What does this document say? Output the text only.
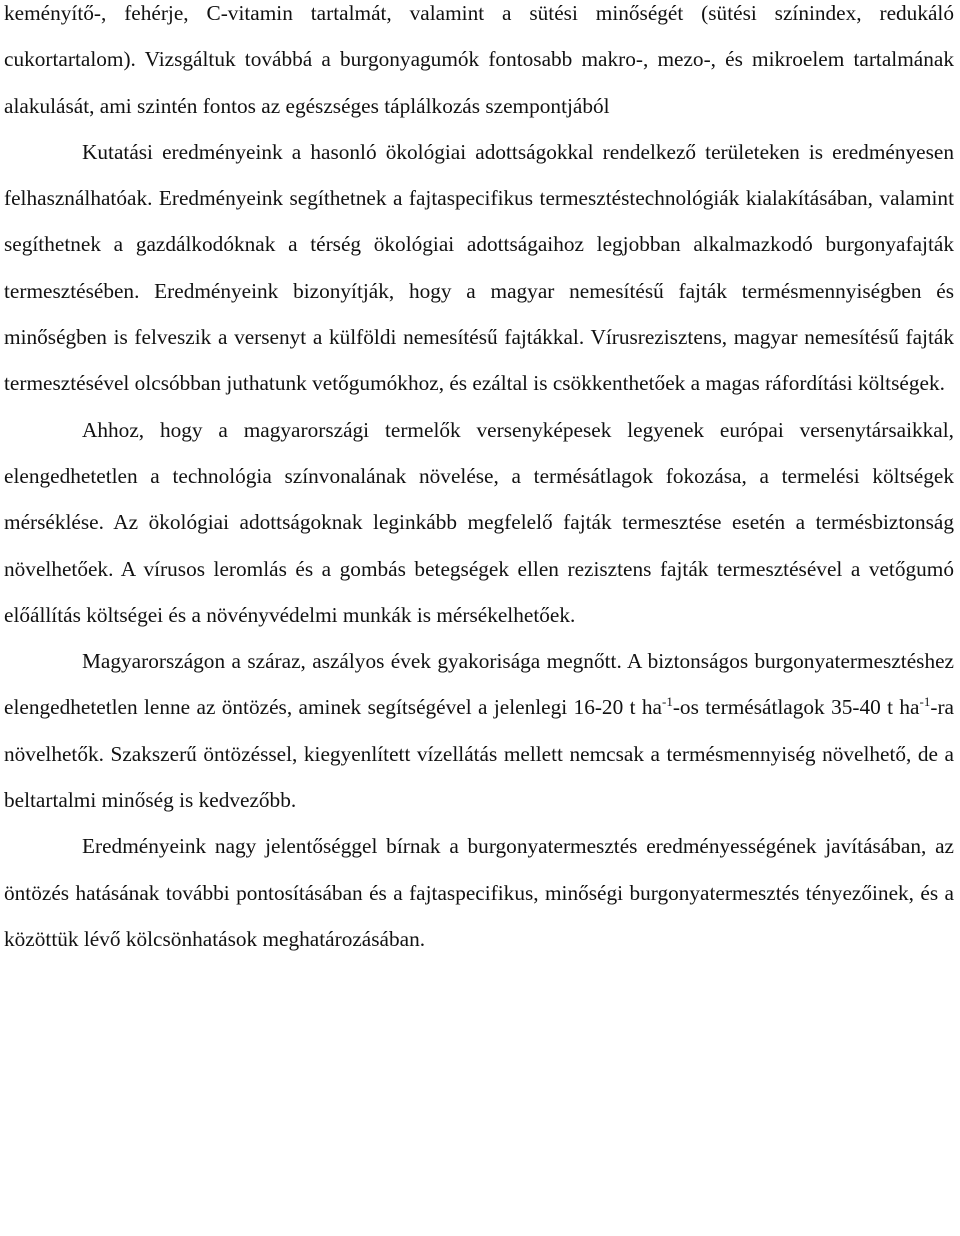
keményítő-, fehérje, C-vitamin tartalmát, valamint a sütési minőségét (sütési színindex, redukáló cukortartalom). Vizsgáltuk továbbá a burgonyagumók fontosabb makro-, mezo-, és mikroelem tartalmának alakulását, ami szintén fontos az egészséges táplálkozás szempontjából

Kutatási eredményeink a hasonló ökológiai adottságokkal rendelkező területeken is eredményesen felhasználhatóak. Eredményeink segíthetnek a fajtaspecifikus termesztéstechnológiák kialakításában, valamint segíthetnek a gazdálkodóknak a térség ökológiai adottságaihoz legjobban alkalmazkodó burgonyafajták termesztésében. Eredményeink bizonyítják, hogy a magyar nemesítésű fajták termésmennyiségben és minőségben is felveszik a versenyt a külföldi nemesítésű fajtákkal. Vírusrezisztens, magyar nemesítésű fajták termesztésével olcsóbban juthatunk vetőgumókhoz, és ezáltal is csökkenthetőek a magas ráfordítási költségek.

Ahhoz, hogy a magyarországi termelők versenyképesek legyenek európai versenytársaikkal, elengedhetetlen a technológia színvonalának növelése, a termésátlagok fokozása, a termelési költségek mérséklése. Az ökológiai adottságoknak leginkább megfelelő fajták termesztése esetén a termésbiztonság növelhetőek. A vírusos leromlás és a gombás betegségek ellen rezisztens fajták termesztésével a vetőgumó előállítás költségei és a növényvédelmi munkák is mérsékelhetőek.

Magyarországon a száraz, aszályos évek gyakorisága megnőtt. A biztonságos burgonyatermesztéshez elengedhetetlen lenne az öntözés, aminek segítségével a jelenlegi 16-20 t $ha^{-1}-os$ termésátlagok 35-40 t $ha^{-1}-ra$ növelhetők. Szakszerű öntözéssel, kiegyenlített vízellátás mellett nemcsak a termésmennyiség növelhető, de a beltartalmi minőség is kedvezőbb.

Eredményeink nagy jelentőséggel bírnak a burgonyatermesztés eredményességének javításában, az öntözés hatásának további pontosításában és a fajtaspecifikus, minőségi burgonyatermesztés tényezőinek, és a közöttük lévő kölcsönhatások meghatározásában.
